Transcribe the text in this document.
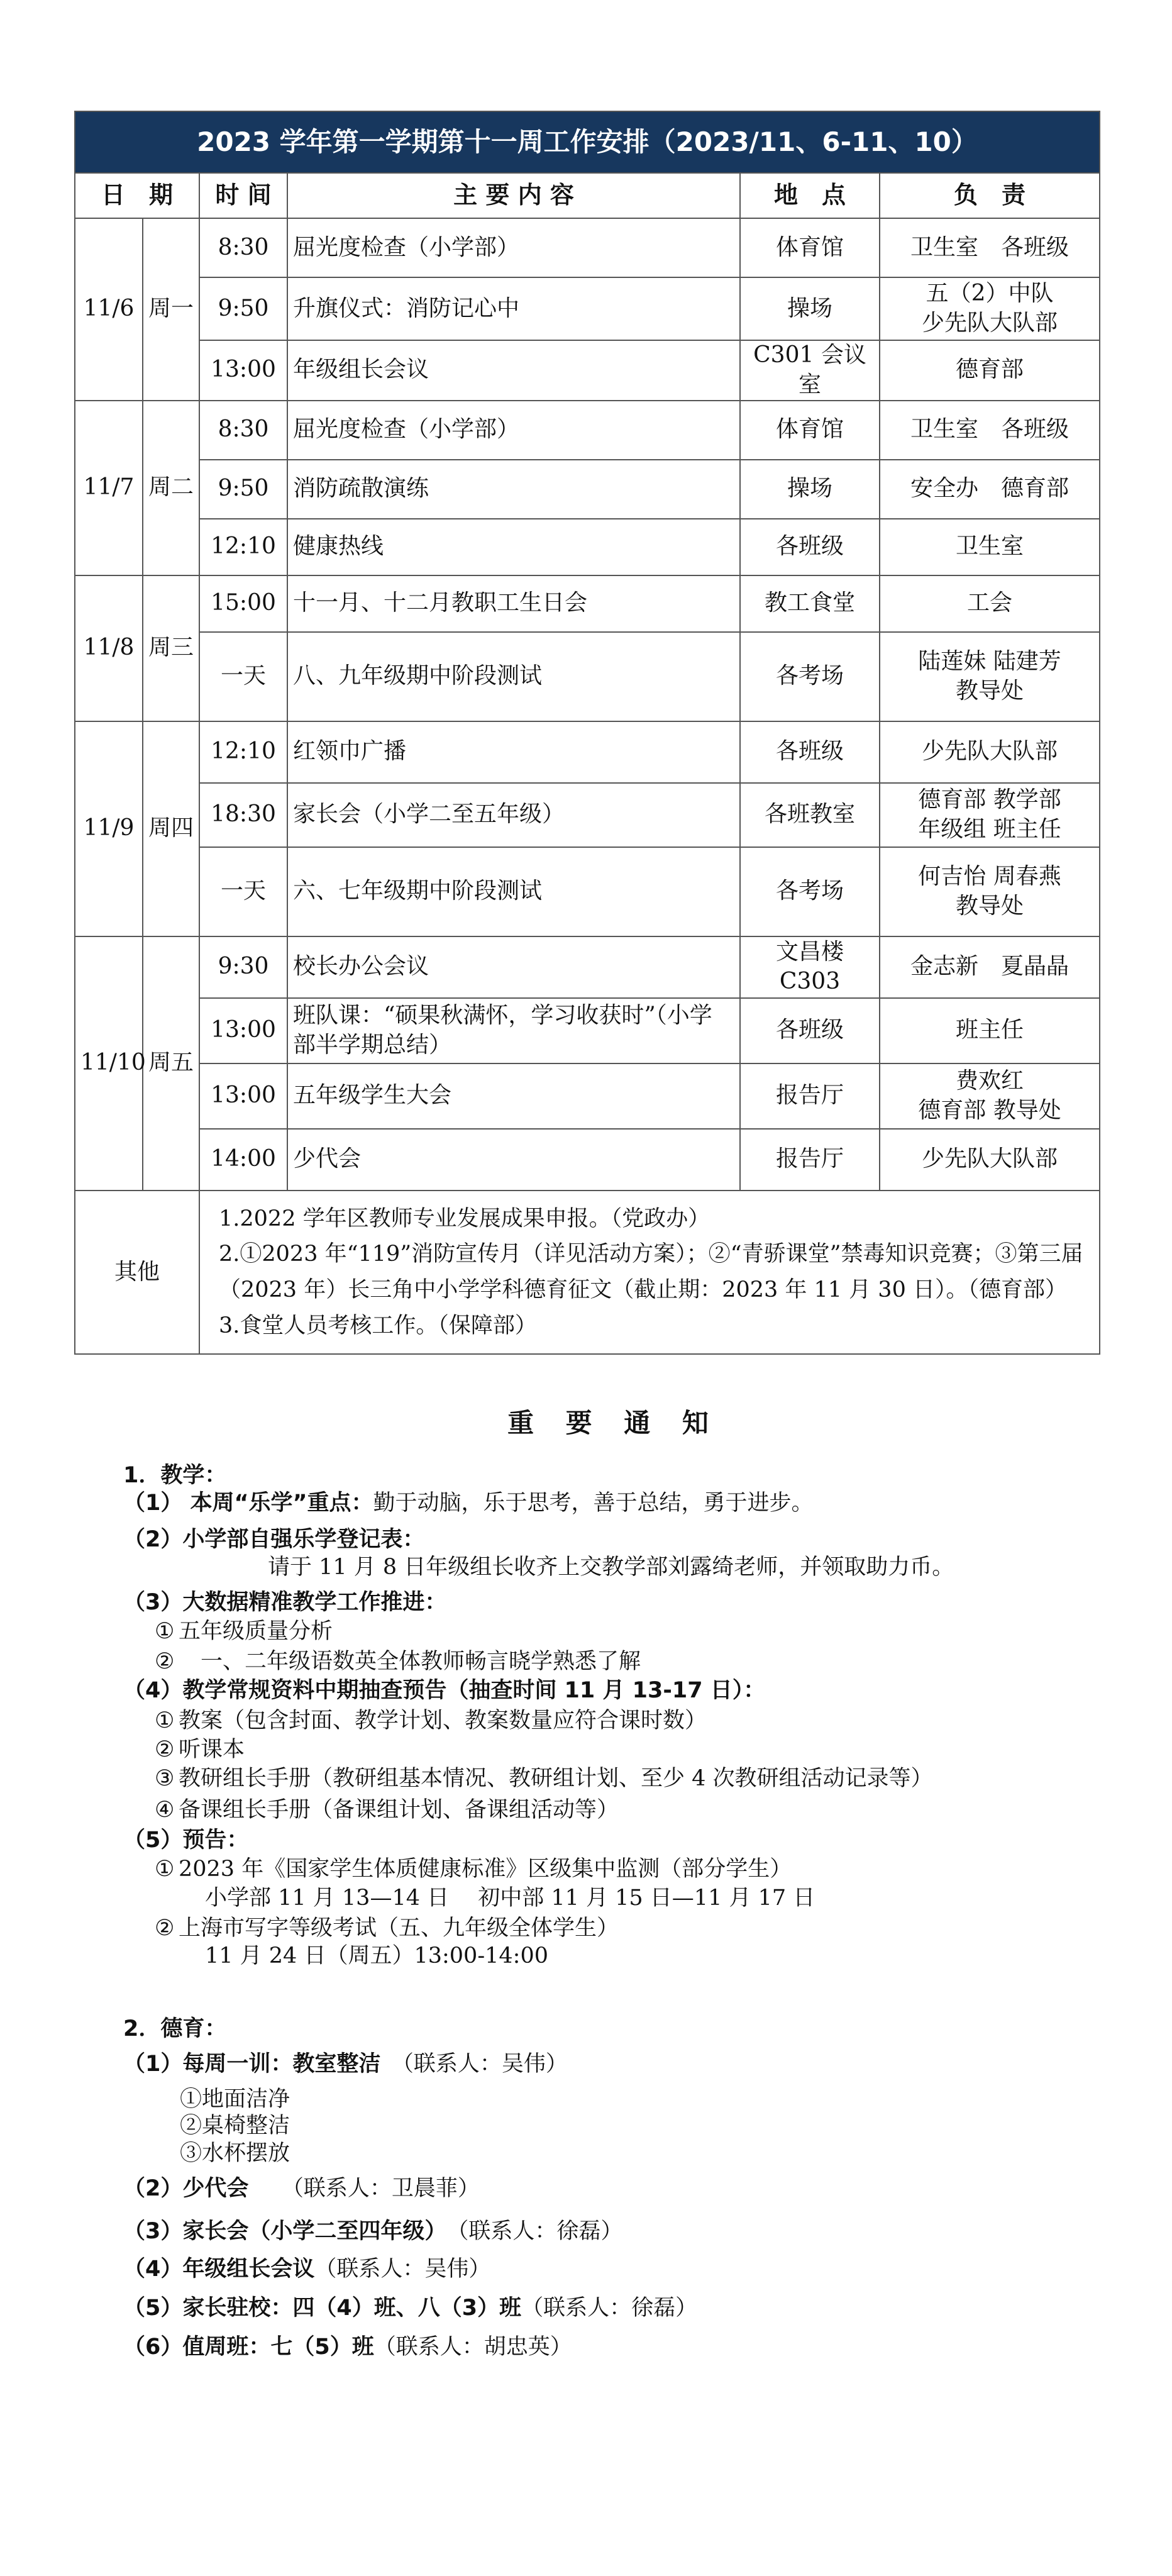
2023 学年第一学期第十一周工作安排（2023/11、6-11、10）					
日　期		时 间	主 要 内 容	地　点	负　责
11/6	周一	8:30	屈光度检查（小学部）	体育馆	卫生室　各班级

		9:50	升旗仪式：消防记心中	操场	五（2）中队
少先队大队部

		13:00	年级组长会议	C301 会议室	德育部

11/7	周二	8:30	屈光度检查（小学部）	体育馆	卫生室　各班级

		9:50	消防疏散演练	操场	安全办　德育部

		12:10	健康热线	各班级	卫生室

11/8	周三	15:00	十一月、十二月教职工生日会	教工食堂	工会

		一天	八、九年级期中阶段测试	各考场	陆莲妹 陆建芳
教导处

11/9	周四	12:10	红领巾广播	各班级	少先队大队部

		18:30	家长会（小学二至五年级）	各班教室	德育部 教学部
年级组 班主任

		一天	六、七年级期中阶段测试	各考场	何吉怡 周春燕
教导处

11/10	周五	9:30	校长办公会议	文昌楼 C303	金志新　夏晶晶

		13:00	班队课：“硕果秋满怀，学习收获时”（小学部半学期总结）	各班级	班主任

		13:00	五年级学生大会	报告厅	费欢红
德育部 教导处

		14:00	少代会	报告厅	少先队大队部

其他		1.2022 学年区教师专业发展成果申报。（党政办）
2.①2023 年“119”消防宣传月（详见活动方案）；②“青骄课堂”禁毒知识竞赛；③第三届（2023 年）长三角中小学学科德育征文（截止期：2023 年 11 月 30 日）。（德育部）
3.食堂人员考核工作。（保障部）			
重 要 通 知
1．教学：
（1） 本周“乐学”重点：勤于动脑，乐于思考，善于总结，勇于进步。
（2）小学部自强乐学登记表：
请于 11 月 8 日年级组长收齐上交教学部刘露绮老师，并领取助力币。
（3）大数据精准教学工作推进：
① 五年级质量分析
②　一、二年级语数英全体教师畅言晓学熟悉了解
（4）教学常规资料中期抽查预告（抽查时间 11 月 13-17 日）：
① 教案（包含封面、教学计划、教案数量应符合课时数）
② 听课本
③ 教研组长手册（教研组基本情况、教研组计划、至少 4 次教研组活动记录等）
④ 备课组长手册（备课组计划、备课组活动等）
（5）预告：
① 2023 年《国家学生体质健康标准》区级集中监测（部分学生）
小学部 11 月 13—14 日　 初中部 11 月 15 日—11 月 17 日
② 上海市写字等级考试（五、九年级全体学生）
11 月 24 日（周五）13:00-14:00
2．德育：
（1）每周一训：教室整洁　（联系人：吴伟）
①地面洁净
②桌椅整洁
③水杯摆放
（2）少代会　　（联系人：卫晨菲）
（3）家长会（小学二至四年级）　（联系人：徐磊）
（4）年级组长会议（联系人：吴伟）
（5）家长驻校：四（4）班、八（3）班（联系人：徐磊）
（6）值周班：七（5）班（联系人：胡忠英）
